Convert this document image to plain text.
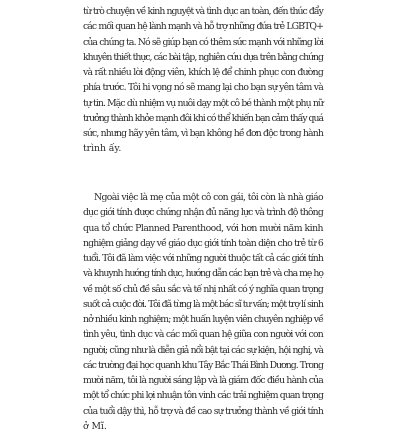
từ trò chuyện về kinh nguyệt và tình dục an toàn, đến thúc đẩy
các mối quan hệ lành mạnh và hỗ trợ những đứa trẻ LGBTQ+
của chúng ta. Nó sẽ giúp bạn có thêm sức mạnh với những lời
khuyên thiết thực, các bài tập, nghiên cứu dựa trên bằng chứng
và rất nhiều lời động viên, khích lệ để chinh phục con đường
phía trước. Tôi hi vọng nó sẽ mang lại cho bạn sự yên tâm và
tự tin. Mặc dù nhiệm vụ nuôi dạy một cô bé thành một phụ nữ
trưởng thành khỏe mạnh đôi khi có thể khiến bạn cảm thấy quá
sức, nhưng hãy yên tâm, vì bạn không hề đơn độc trong hành
trình ấy.
Ngoài việc là mẹ của một cô con gái, tôi còn là nhà giáo
dục giới tính được chứng nhận đủ năng lực và trình độ thông
qua tổ chức Planned Parenthood, với hơn mười năm kinh
nghiệm giảng dạy về giáo dục giới tính toàn diện cho trẻ từ 6
tuổi. Tôi đã làm việc với những người thuộc tất cả các giới tính
và khuynh hướng tính dục, hướng dẫn các bạn trẻ và cha mẹ họ
về một số chủ đề sâu sắc và tế nhị nhất có ý nghĩa quan trọng
suốt cả cuộc đời. Tôi đã từng là một bác sĩ tư vấn; một trợ lí sinh
nở nhiều kinh nghiệm; một huấn luyện viên chuyên nghiệp về
tình yêu, tình dục và các mối quan hệ giữa con người với con
người; cũng như là diễn giả nổi bật tại các sự kiện, hội nghị, và
các trường đại học quanh khu Tây Bắc Thái Bình Dương. Trong
mười năm, tôi là người sáng lập và là giám đốc điều hành của
một tổ chức phi lợi nhuận tôn vinh các trải nghiệm quan trọng
của tuổi dậy thì, hỗ trợ và đề cao sự trưởng thành về giới tính
ở Mĩ.
